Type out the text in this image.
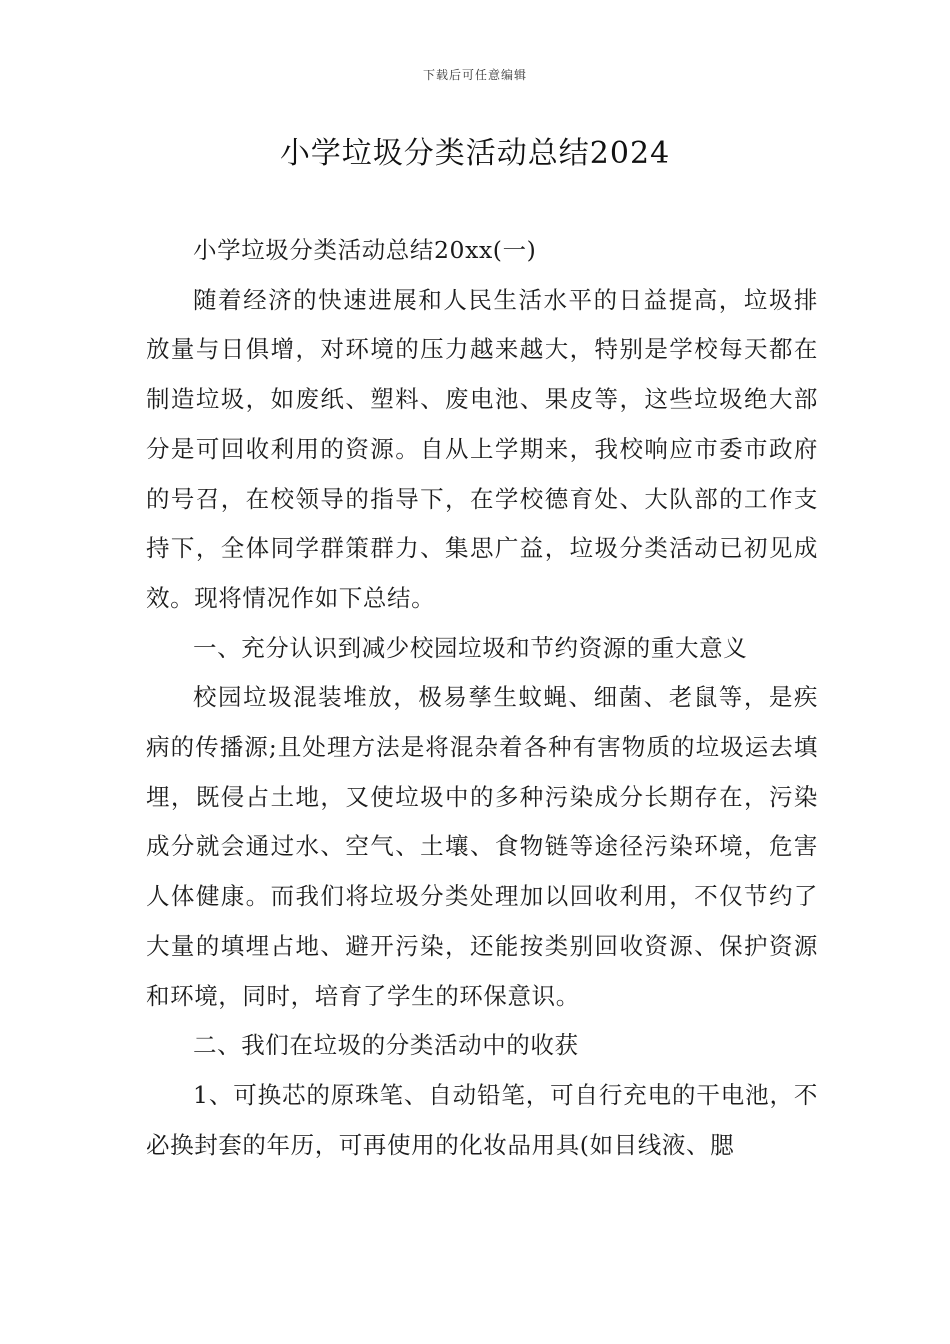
下载后可任意编辑
小学垃圾分类活动总结2024

小学垃圾分类活动总结20xx(一)

随着经济的快速进展和人民生活水平的日益提高，垃圾排放量与日俱增，对环境的压力越来越大，特别是学校每天都在制造垃圾，如废纸、塑料、废电池、果皮等，这些垃圾绝大部分是可回收利用的资源。自从上学期来，我校响应市委市政府的号召，在校领导的指导下，在学校德育处、大队部的工作支持下，全体同学群策群力、集思广益，垃圾分类活动已初见成效。现将情况作如下总结。

一、充分认识到减少校园垃圾和节约资源的重大意义

校园垃圾混装堆放，极易孳生蚊蝇、细菌、老鼠等，是疾病的传播源;且处理方法是将混杂着各种有害物质的垃圾运去填埋，既侵占土地，又使垃圾中的多种污染成分长期存在，污染成分就会通过水、空气、土壤、食物链等途径污染环境，危害人体健康。而我们将垃圾分类处理加以回收利用，不仅节约了大量的填埋占地、避开污染，还能按类别回收资源、保护资源和环境，同时，培育了学生的环保意识。

二、我们在垃圾的分类活动中的收获

1、可换芯的原珠笔、自动铅笔，可自行充电的干电池，不必换封套的年历，可再使用的化妆品用具(如目线液、腮
